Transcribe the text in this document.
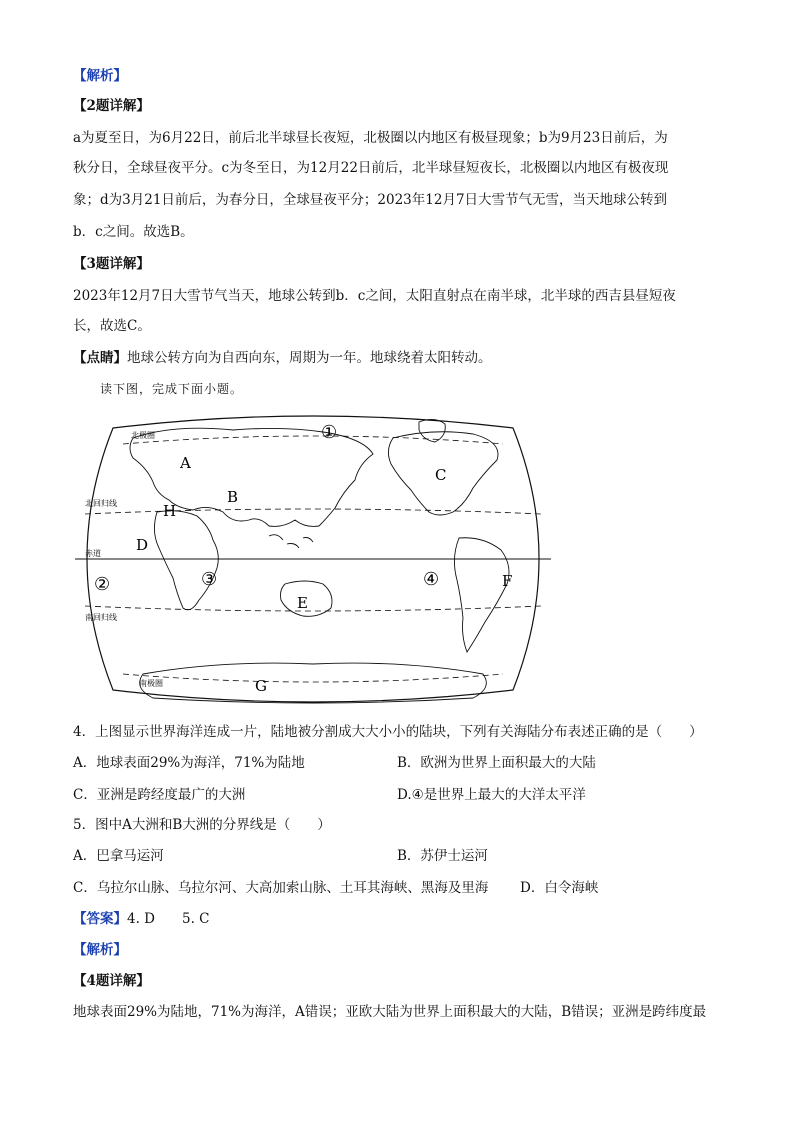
【解析】
【2题详解】
a为夏至日，为6月22日，前后北半球昼长夜短，北极圈以内地区有极昼现象；b为9月23日前后，为
秋分日，全球昼夜平分。c为冬至日，为12月22日前后，北半球昼短夜长，北极圈以内地区有极夜现
象；d为3月21日前后，为春分日，全球昼夜平分；2023年12月7日大雪节气无雪，当天地球公转到
b．c之间。故选B。
【3题详解】
2023年12月7日大雪节气当天，地球公转到b．c之间，太阳直射点在南半球，北半球的西吉县昼短夜
长，故选C。
【点睛】地球公转方向为自西向东，周期为一年。地球绕着太阳转动。
读下图，完成下面小题。
北极圈
北回归线
赤道
南回归线
南极圈
A
B
C
D
E
F
G
H
①
②	③	④
4．上图显示世界海洋连成一片，陆地被分割成大大小小的陆块，下列有关海陆分布表述正确的是（　　）
A．地球表面29%为海洋，71%为陆地	B．欧洲为世界上面积最大的大陆
C．亚洲是跨经度最广的大洲	D.④是世界上最大的大洋太平洋
5．图中A大洲和B大洲的分界线是（　　）
A．巴拿马运河	B．苏伊士运河
C．乌拉尔山脉、乌拉尔河、大高加索山脉、土耳其海峡、黑海及里海 D．白令海峡
【答案】4. D　　5. C
【解析】
【4题详解】
地球表面29%为陆地，71%为海洋，A错误；亚欧大陆为世界上面积最大的大陆，B错误；亚洲是跨纬度最
